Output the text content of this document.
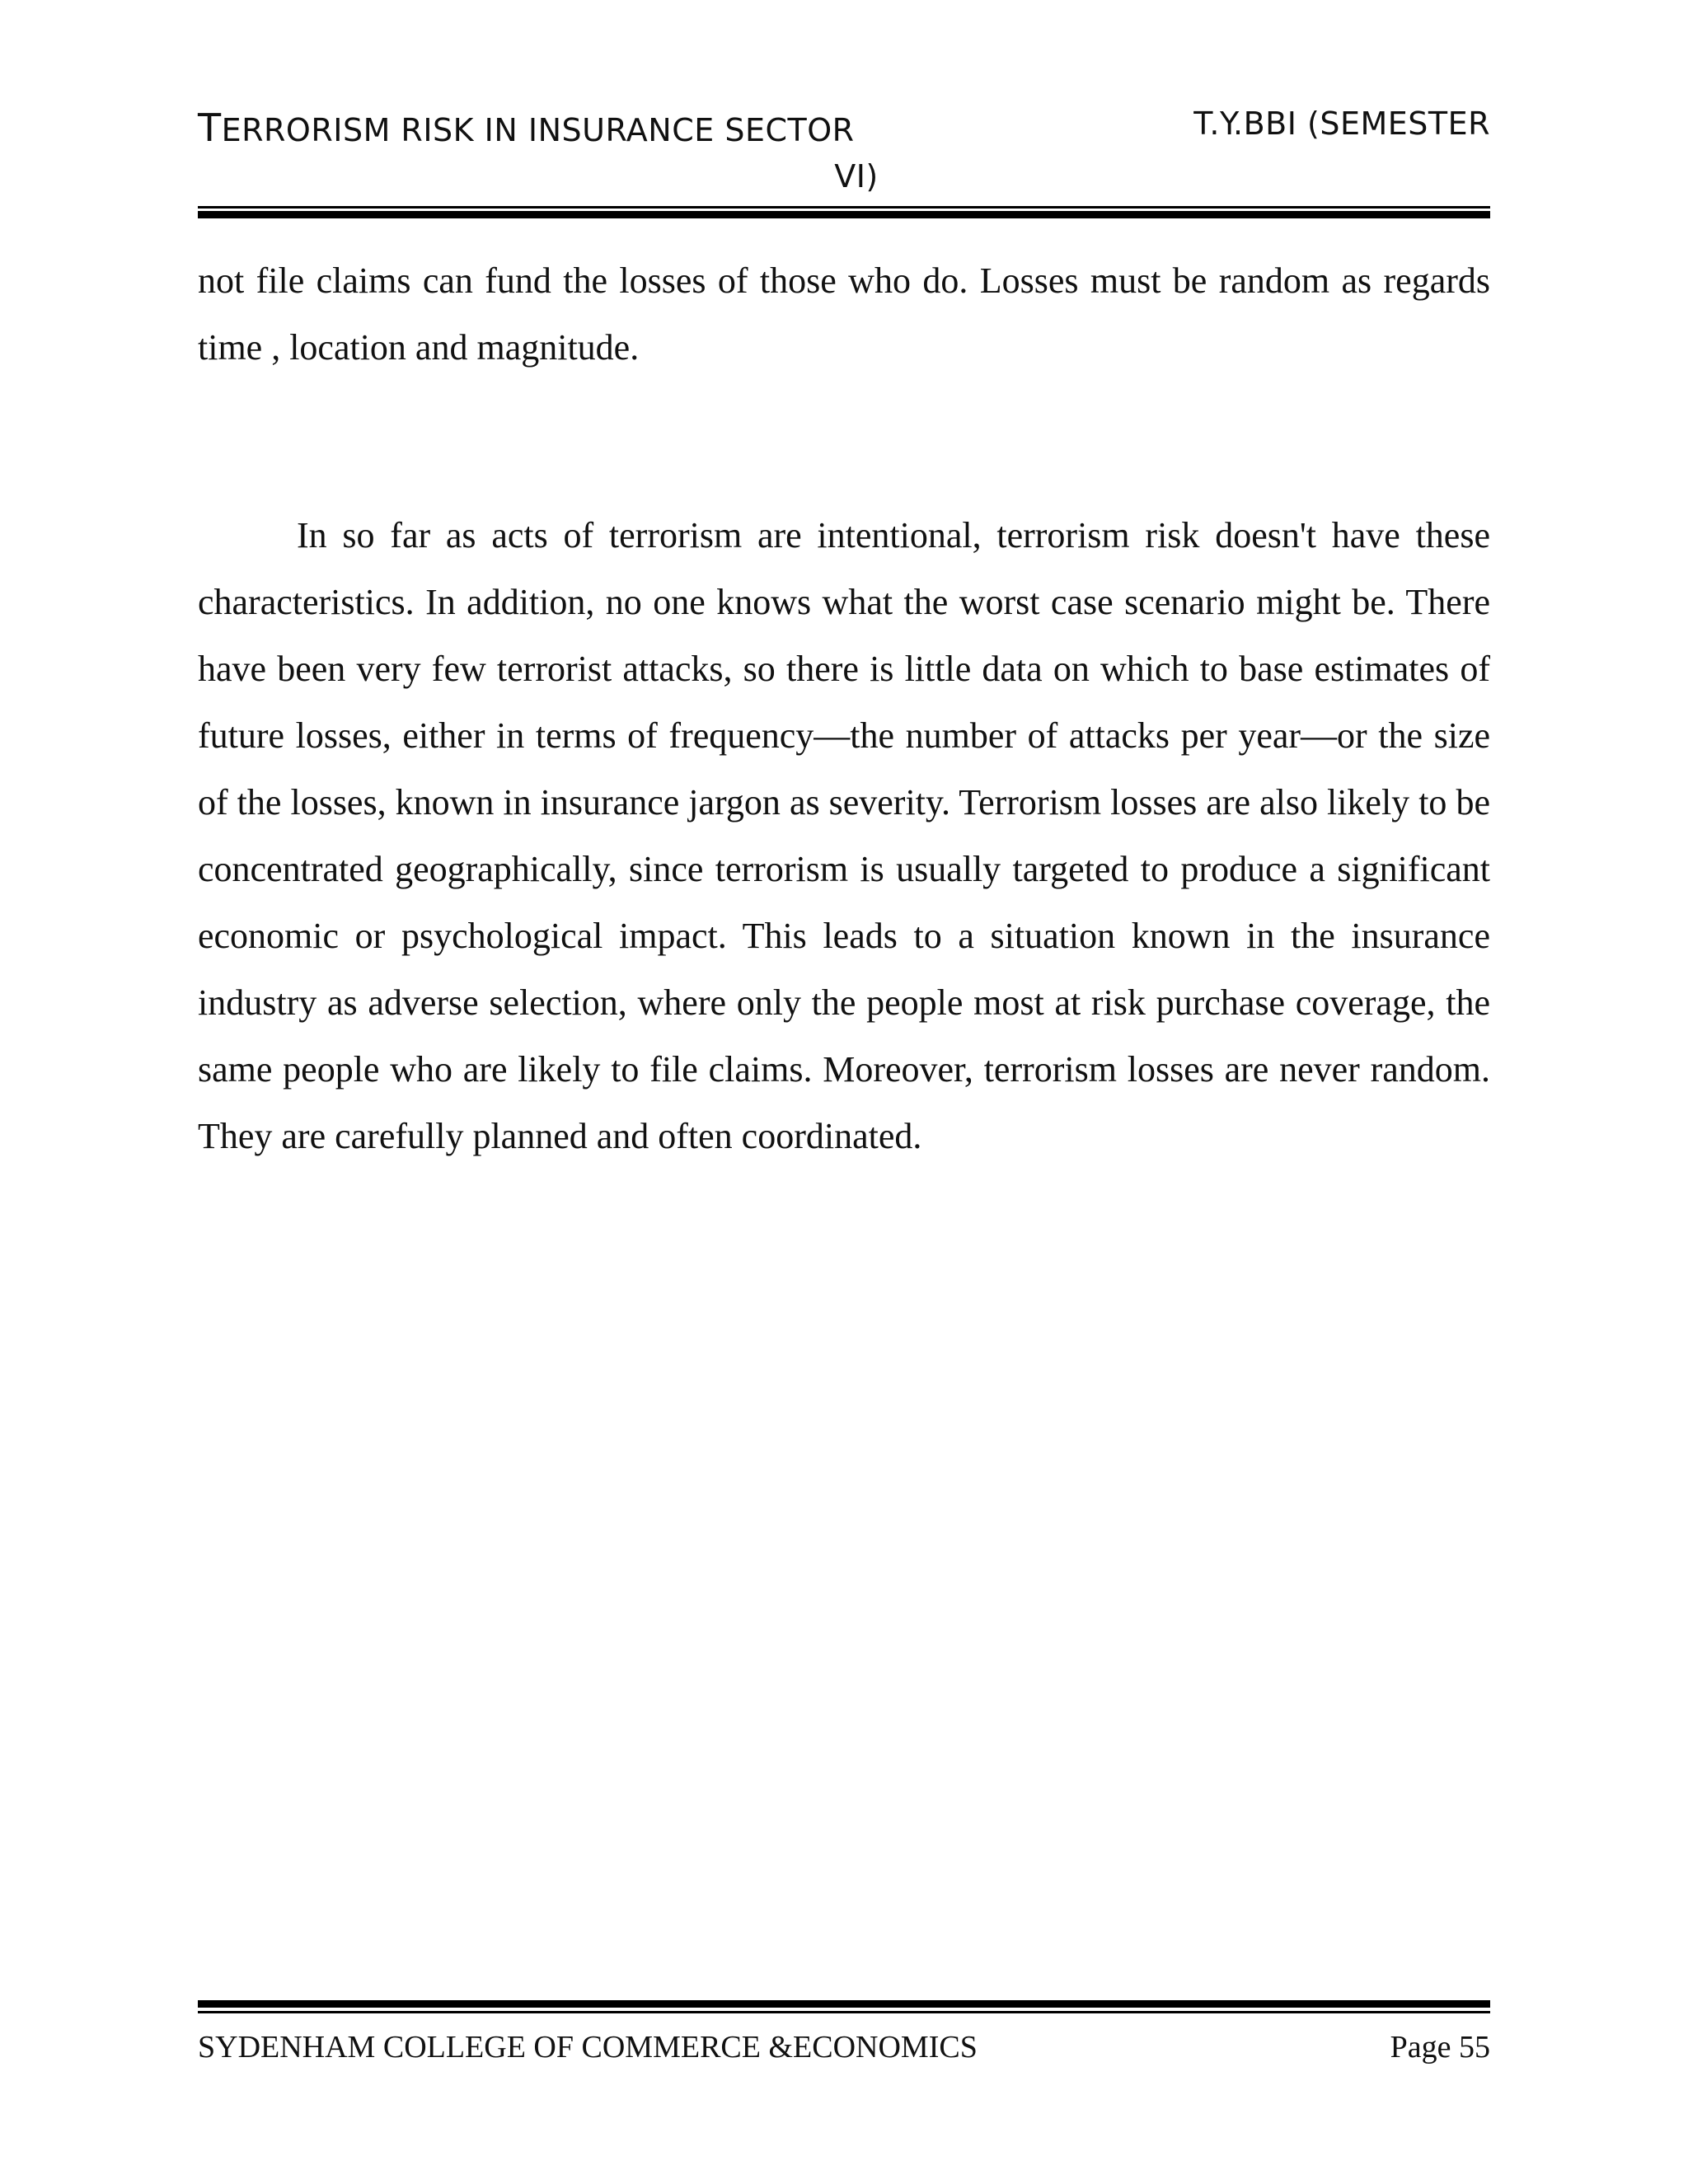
TERRORISM RISK IN INSURANCE SECTOR	T.Y.BBI (SEMESTER
VI)
not file claims can fund the losses of those who do. Losses must be random as regards time , location and magnitude.
In so far as acts of terrorism are intentional, terrorism risk doesn't have these characteristics. In addition, no one knows what the worst case scenario might be. There have been very few terrorist attacks, so there is little data on which to base estimates of future losses, either in terms of frequency—the number of attacks per year—or the size of the losses, known in insurance jargon as severity. Terrorism losses are also likely to be concentrated geographically, since terrorism is usually targeted to produce a significant economic or psychological impact. This leads to a situation known in the insurance industry as adverse selection, where only the people most at risk purchase coverage, the same people who are likely to file claims. Moreover, terrorism losses are never random. They are carefully planned and often coordinated.
SYDENHAM COLLEGE OF COMMERCE &ECONOMICS	Page 55
